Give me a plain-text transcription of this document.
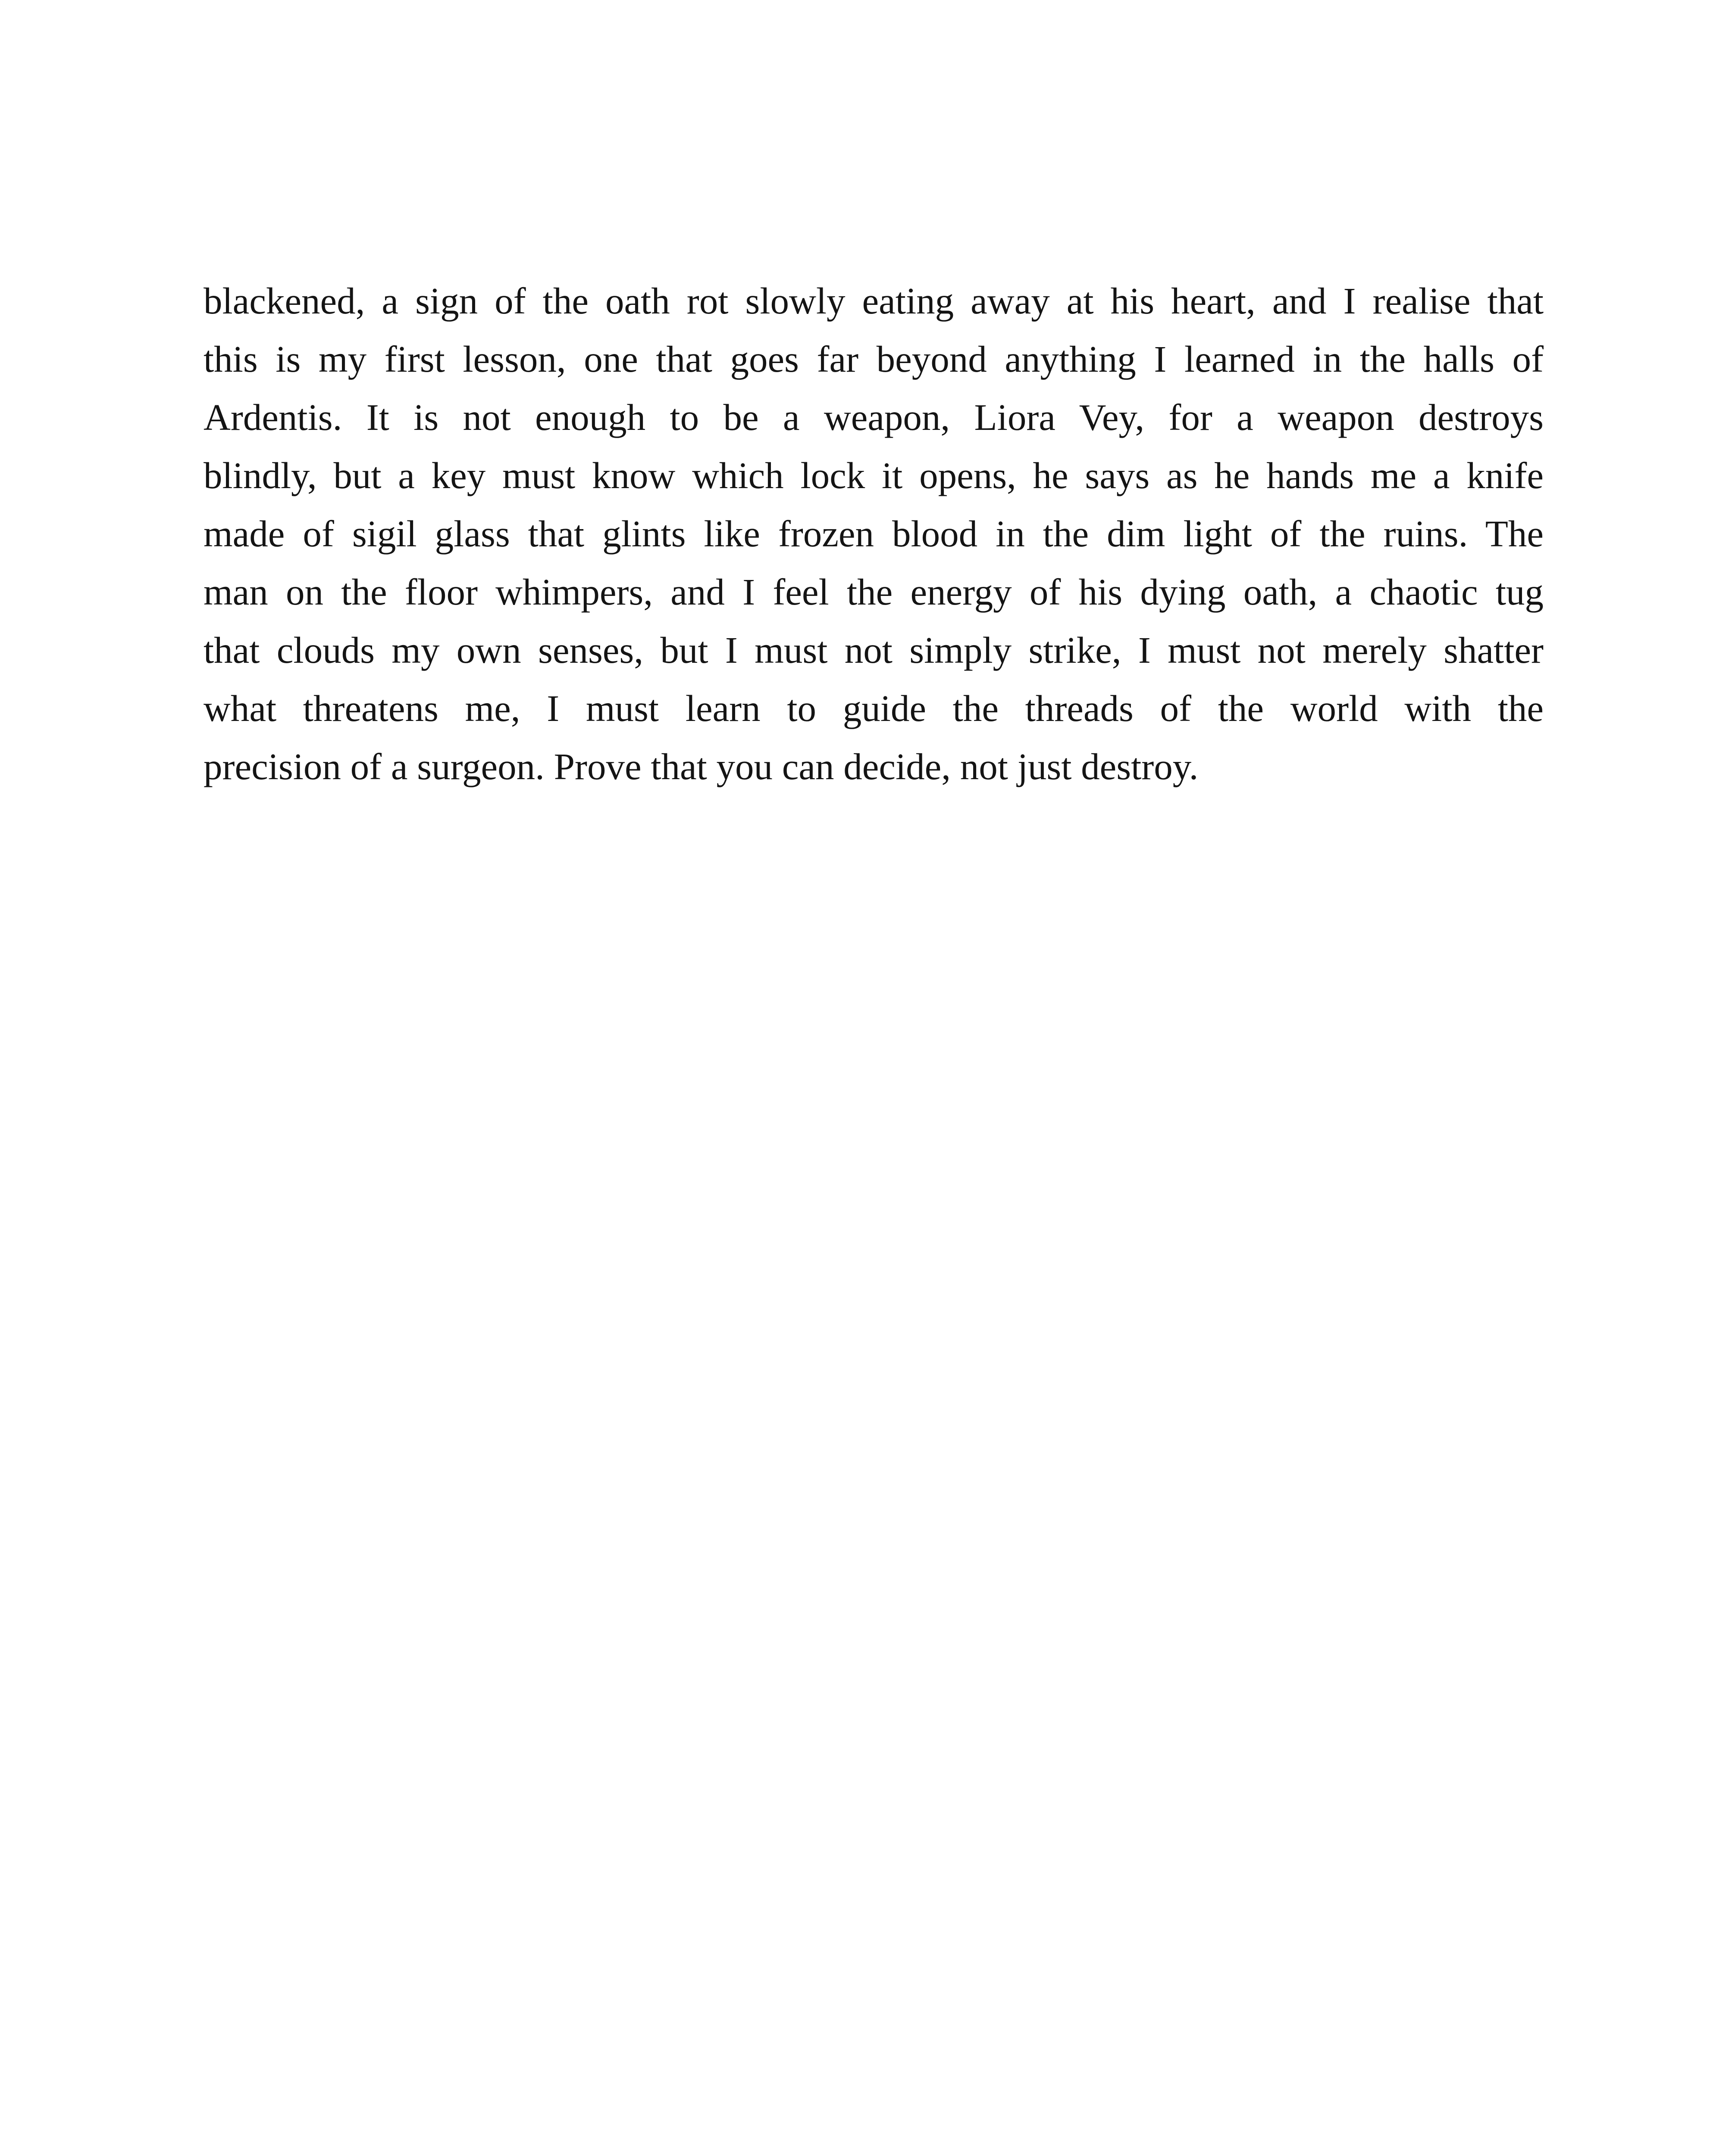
blackened, a sign of the oath rot slowly eating away at his heart, and I realise that
this is my first lesson, one that goes far beyond anything I learned in the halls of
Ardentis. It is not enough to be a weapon, Liora Vey, for a weapon destroys
blindly, but a key must know which lock it opens, he says as he hands me a knife
made of sigil glass that glints like frozen blood in the dim light of the ruins. The
man on the floor whimpers, and I feel the energy of his dying oath, a chaotic tug
that clouds my own senses, but I must not simply strike, I must not merely shatter
what threatens me, I must learn to guide the threads of the world with the
precision of a surgeon. Prove that you can decide, not just destroy.
